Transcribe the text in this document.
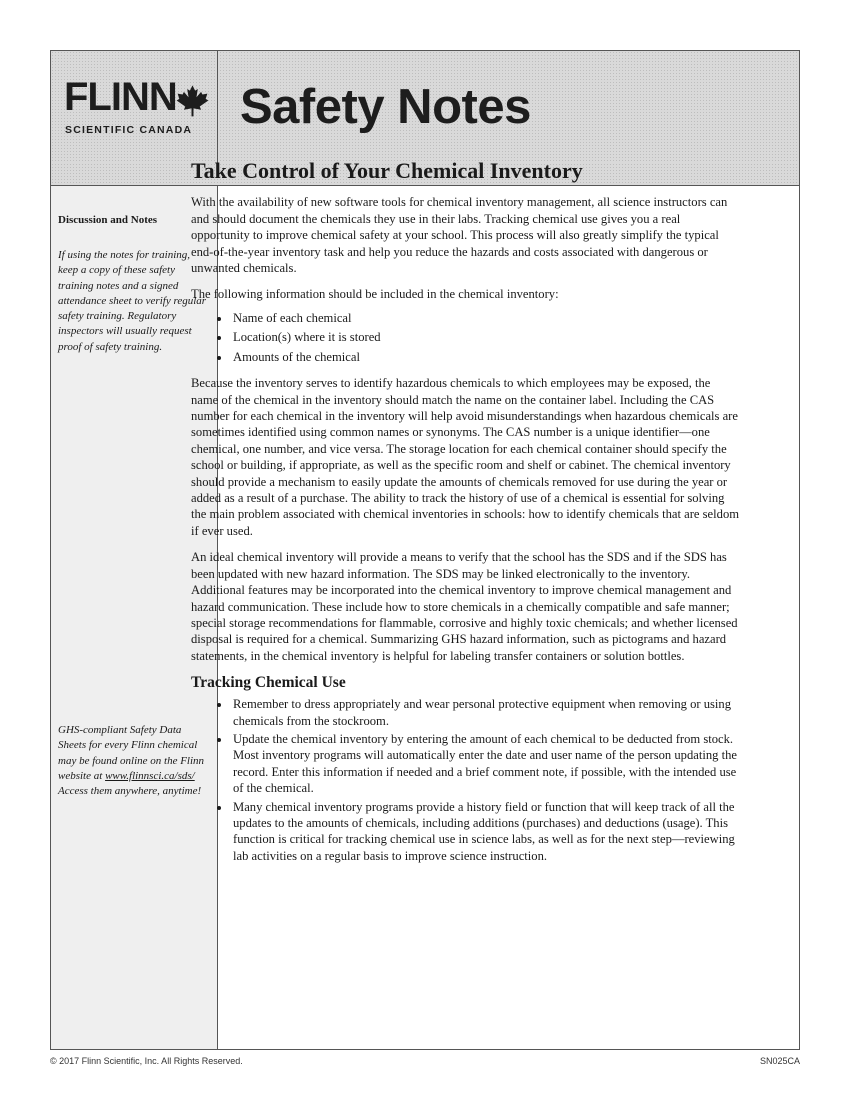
FLINN
SCIENTIFIC CANADA Safety Notes
Discussion and Notes
If using the notes for training, keep a copy of these safety training notes and a signed attendance sheet to verify regular safety training. Regulatory inspectors will usually request proof of safety training.
GHS-compliant Safety Data Sheets for every Flinn chemical may be found online on the Flinn website at www.flinnsci.ca/sds/ Access them anywhere, anytime!
Take Control of Your Chemical Inventory

With the availability of new software tools for chemical inventory management, all science instructors can and should document the chemicals they use in their labs. Tracking chemical use gives you a real opportunity to improve chemical safety at your school. This process will also greatly simplify the typical end-of-the-year inventory task and help you reduce the hazards and costs associated with dangerous or unwanted chemicals.

The following information should be included in the chemical inventory:

• Name of each chemical
• Location(s) where it is stored
• Amounts of the chemical

Because the inventory serves to identify hazardous chemicals to which employees may be exposed, the name of the chemical in the inventory should match the name on the container label. Including the CAS number for each chemical in the inventory will help avoid misunderstandings when hazardous chemicals are sometimes identified using common names or synonyms. The CAS number is a unique identifier—one chemical, one number, and vice versa. The storage location for each chemical container should specify the school or building, if appropriate, as well as the specific room and shelf or cabinet. The chemical inventory should provide a mechanism to easily update the amounts of chemicals removed for use during the year or added as a result of a purchase. The ability to track the history of use of a chemical is essential for solving the main problem associated with chemical inventories in schools: how to identify chemicals that are seldom if ever used.

An ideal chemical inventory will provide a means to verify that the school has the SDS and if the SDS has been updated with new hazard information. The SDS may be linked electronically to the inventory. Additional features may be incorporated into the chemical inventory to improve chemical management and hazard communication. These include how to store chemicals in a chemically compatible and safe manner; special storage recommendations for flammable, corrosive and highly toxic chemicals; and whether licensed disposal is required for a chemical. Summarizing GHS hazard information, such as pictograms and hazard statements, in the chemical inventory is helpful for labeling transfer containers or solution bottles.

Tracking Chemical Use
• Remember to dress appropriately and wear personal protective equipment when removing or using chemicals from the stockroom.
• Update the chemical inventory by entering the amount of each chemical to be deducted from stock. Most inventory programs will automatically enter the date and user name of the person updating the record. Enter this information if needed and a brief comment note, if possible, with the intended use of the chemical.
• Many chemical inventory programs provide a history field or function that will keep track of all the updates to the amounts of chemicals, including additions (purchases) and deductions (usage). This function is critical for tracking chemical use in science labs, as well as for the next step—reviewing lab activities on a regular basis to improve science instruction.
© 2017 Flinn Scientific, Inc. All Rights Reserved.	SN025CA
